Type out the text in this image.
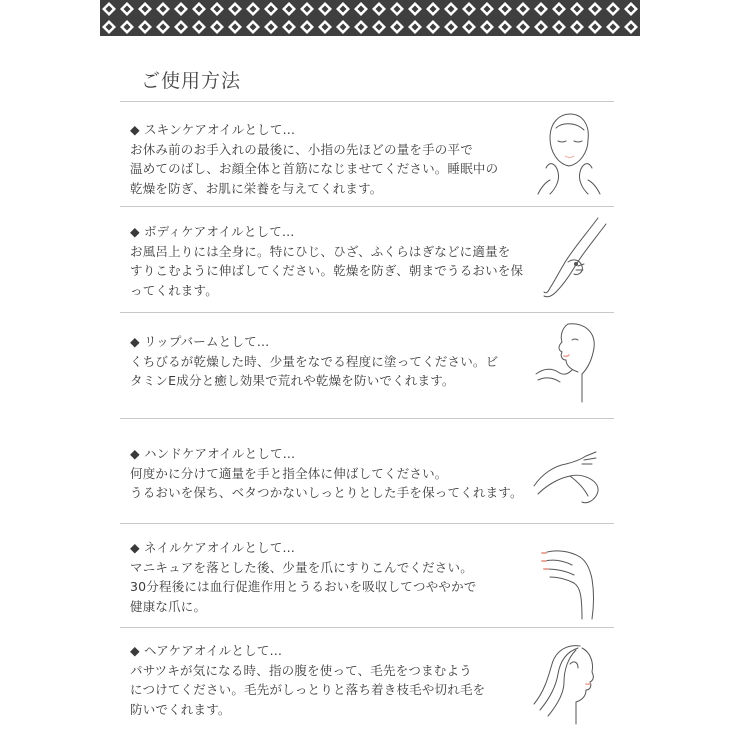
ご使用方法
◆ スキンケアオイルとして…
お休み前のお手入れの最後に、小指の先ほどの量を手の平で
温めてのばし、お顔全体と首筋になじませてください。睡眠中の
乾燥を防ぎ、お肌に栄養を与えてくれます。
◆ ボディケアオイルとして…
お風呂上りには全身に。特にひじ、ひざ、ふくらはぎなどに適量を
すりこむように伸ばしてください。乾燥を防ぎ、朝までうるおいを保
ってくれます。
◆ リップバームとして…
くちびるが乾燥した時、少量をなでる程度に塗ってください。ビ
タミンE成分と癒し効果で荒れや乾燥を防いでくれます。
◆ ハンドケアオイルとして…
何度かに分けて適量を手と指全体に伸ばしてください。
うるおいを保ち、ベタつかないしっとりとした手を保ってくれます。
◆ ネイルケアオイルとして…
マニキュアを落とした後、少量を爪にすりこんでください。
30分程後には血行促進作用とうるおいを吸収してつややかで
健康な爪に。
◆ ヘアケアオイルとして…
パサツキが気になる時、指の腹を使って、毛先をつまむよう
につけてください。毛先がしっとりと落ち着き枝毛や切れ毛を
防いでくれます。
